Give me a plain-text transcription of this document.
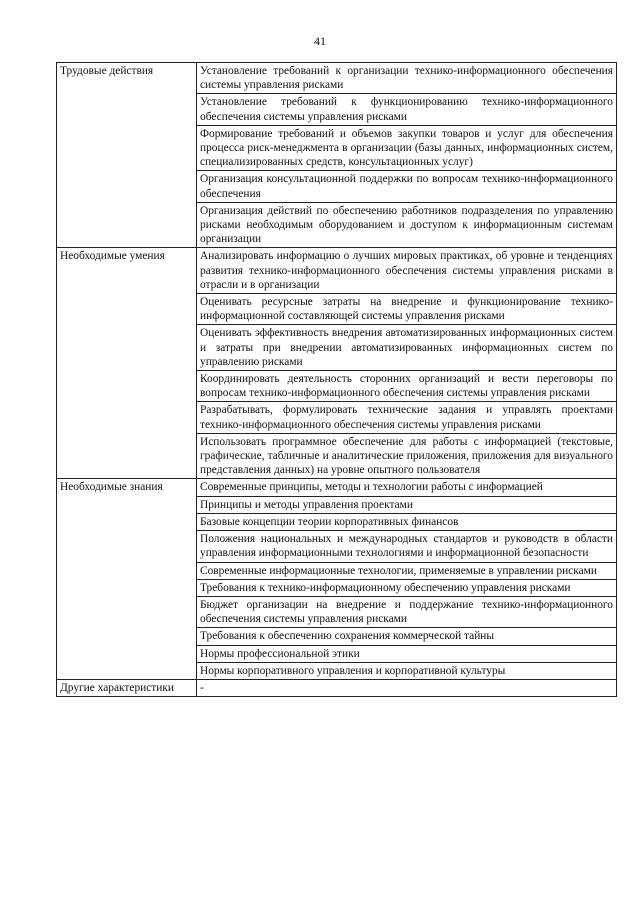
41
Трудовые действия	Установление требований к организации технико-информационного обеспечения системы управления рисками
	Установление требований к функционированию технико-информационного обеспечения системы управления рисками
	Формирование требований и объемов закупки товаров и услуг для обеспечения процесса риск-менеджмента в организации (базы данных, информационных систем, специализированных средств, консультационных услуг)
	Организация консультационной поддержки по вопросам технико-информационного обеспечения
	Организация действий по обеспечению работников подразделения по управлению рисками необходимым оборудованием и доступом к информационным системам организации
Необходимые умения	Анализировать информацию о лучших мировых практиках, об уровне и тенденциях развития технико-информационного обеспечения системы управления рисками в отрасли и в организации
	Оценивать ресурсные затраты на внедрение и функционирование технико-информационной составляющей системы управления рисками
	Оценивать эффективность внедрения автоматизированных информационных систем и затраты при внедрении автоматизированных информационных систем по управлению рисками
	Координировать деятельность сторонних организаций и вести переговоры по вопросам технико-информационного обеспечения системы управления рисками
	Разрабатывать, формулировать технические задания и управлять проектами технико-информационного обеспечения системы управления рисками
	Использовать программное обеспечение для работы с информацией (текстовые, графические, табличные и аналитические приложения, приложения для визуального представления данных) на уровне опытного пользователя
Необходимые знания	Современные принципы, методы и технологии работы с информацией
	Принципы и методы управления проектами
	Базовые концепции теории корпоративных финансов
	Положения национальных и международных стандартов и руководств в области управления информационными технологиями и информационной безопасности
	Современные информационные технологии, применяемые в управлении рисками
	Требования к технико-информационному обеспечению управления рисками
	Бюджет организации на внедрение и поддержание технико-информационного обеспечения системы управления рисками
	Требования к обеспечению сохранения коммерческой тайны
	Нормы профессиональной этики
	Нормы корпоративного управления и корпоративной культуры
Другие характеристики	-
